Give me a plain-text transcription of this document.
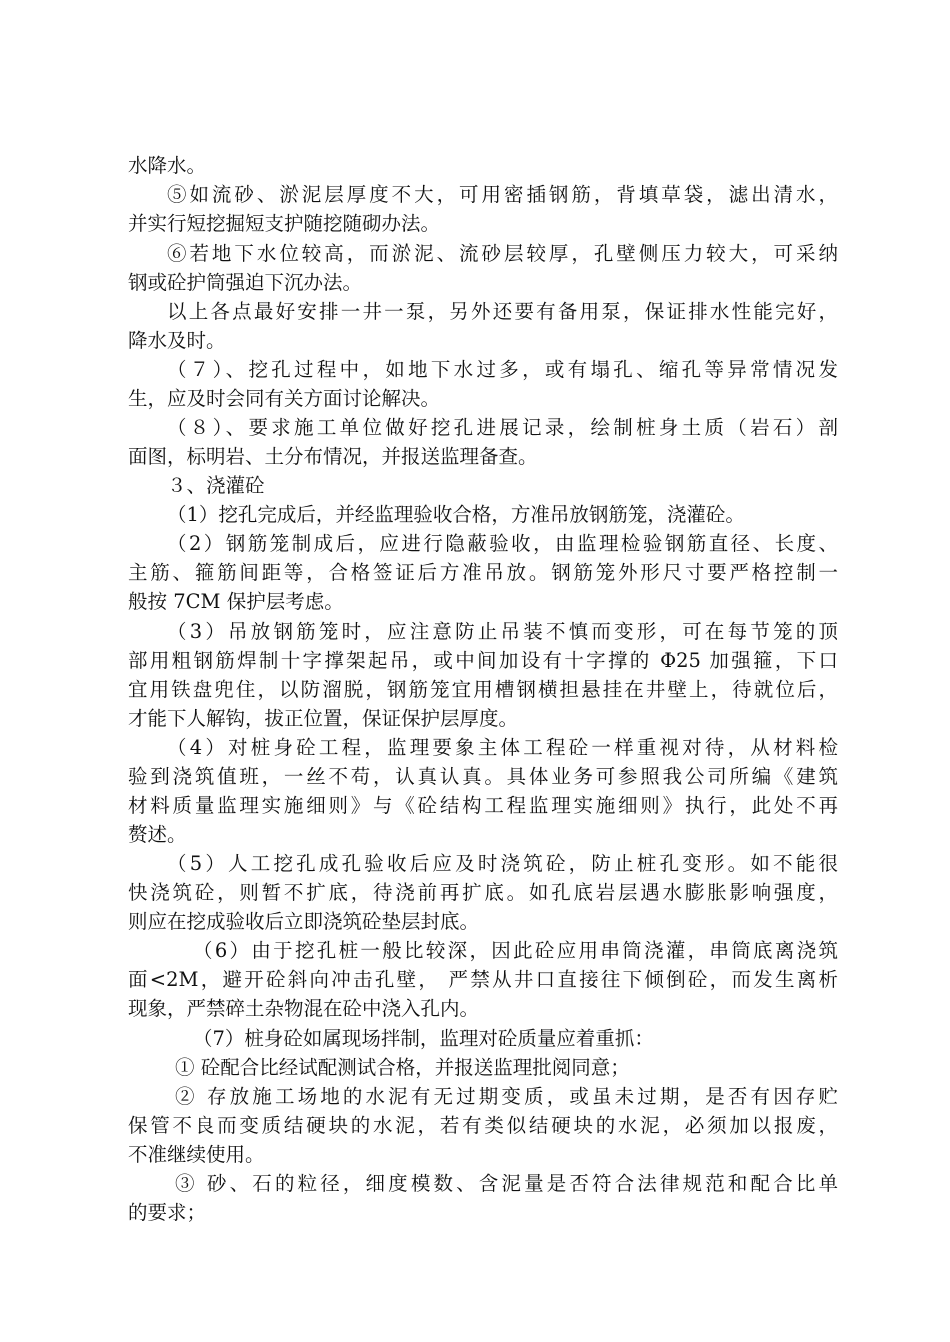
水降水。
⑤如流砂、淤泥层厚度不大，可用密插钢筋，背填草袋，滤出清水，
并实行短挖掘短支护随挖随砌办法。
⑥若地下水位较高，而淤泥、流砂层较厚，孔壁侧压力较大，可采纳
钢或砼护筒强迫下沉办法。
以上各点最好安排一井一泵，另外还要有备用泵，保证排水性能完好，
降水及时。
（７）、挖孔过程中，如地下水过多，或有塌孔、缩孔等异常情况发
生，应及时会同有关方面讨论解决。
（８）、要求施工单位做好挖孔进展记录，绘制桩身土质（岩石）剖
面图，标明岩、土分布情况，并报送监理备查。
３、浇灌砼
（1）挖孔完成后，并经监理验收合格，方准吊放钢筋笼，浇灌砼。
（2）钢筋笼制成后，应进行隐蔽验收，由监理检验钢筋直径、长度、
主筋、箍筋间距等，合格签证后方准吊放。钢筋笼外形尺寸要严格控制一
般按 7CM 保护层考虑。
（3）吊放钢筋笼时，应注意防止吊装不慎而变形，可在每节笼的顶
部用粗钢筋焊制十字撑架起吊，或中间加设有十字撑的 Φ25 加强箍，下口
宜用铁盘兜住，以防溜脱，钢筋笼宜用槽钢横担悬挂在井壁上，待就位后，
才能下人解钩，拔正位置，保证保护层厚度。
（4）对桩身砼工程，监理要象主体工程砼一样重视对待，从材料检
验到浇筑值班，一丝不苟，认真认真。具体业务可参照我公司所编《建筑
材料质量监理实施细则》与《砼结构工程监理实施细则》执行，此处不再
赘述。
（5）人工挖孔成孔验收后应及时浇筑砼，防止桩孔变形。如不能很
快浇筑砼，则暂不扩底，待浇前再扩底。如孔底岩层遇水膨胀影响强度，
则应在挖成验收后立即浇筑砼垫层封底。
（6）由于挖孔桩一般比较深，因此砼应用串筒浇灌，串筒底离浇筑
面<2M，避开砼斜向冲击孔壁， 严禁从井口直接往下倾倒砼，而发生离析
现象，严禁碎土杂物混在砼中浇入孔内。
（7）桩身砼如属现场拌制，监理对砼质量应着重抓：
① 砼配合比经试配测试合格，并报送监理批阅同意；
② 存放施工场地的水泥有无过期变质，或虽未过期，是否有因存贮
保管不良而变质结硬块的水泥，若有类似结硬块的水泥，必须加以报废，
不准继续使用。
③ 砂、石的粒径，细度模数、含泥量是否符合法律规范和配合比单
的要求；
